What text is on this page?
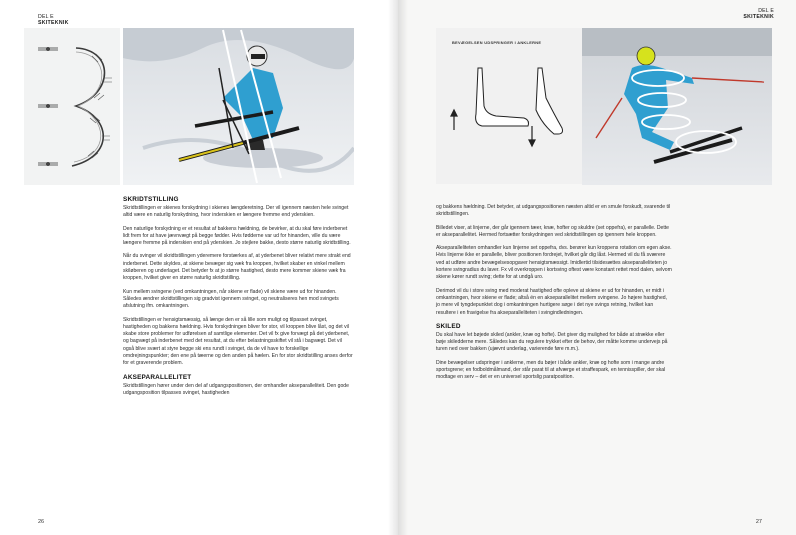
DEL E
SKITEKNIK
SKRIDTSTILLING

Skridtstillingen er skienes forskydning i skienes længderetning. Der vil igennem næsten hele svinget altid være en naturlig forskydning, hvor inderskien er længere fremme end yderskien.

Den naturlige forskydning er et resultat af bakkens hældning, de bevirker, at du skal føre inderbenet lidt frem for at have jævnvægt på begge fødder. Hvis fødderne var ud for hinanden, ville du være længere fremme på inderskien end på yderskien. Jo stejlere bakke, desto større naturlig skridtstilling.

Når du svinger vil skridtstillingen yderemere forstærkes af, at yderbenet bliver relativt mere strakt end inderbenet. Dette skyldes, at skiene bevæger sig væk fra kroppen, hvilket skaber en vinkel mellem skiløberen og underlaget. Det betyder fx at jo større hastighed, desto mere kommer skiene væk fra kroppen, hvilket giver en større naturlig skridtstilling.

Kun mellem svingene (ved omkantningen, når skiene er flade) vil skiene være ud for hinanden. Således ændrer skridtstillingen sig gradvist igennem svinget, og neutraliseres hen mod svingets afslutning ifm. omkantningen.

Skridtstillingen er hensigtsmæssig, så længe den er så lille som muligt og tilpasset svinget, hastigheden og bakkens hældning. Hvis forskydningen bliver for stor, vil kroppen blive låst, og det vil skabe store problemer for udførelsen af samtlige elementer. Det vil fx give forvægt på det yderbenet, og bagvægt på inderbenet med det resultat, at du efter belastningsskiftet vil stå i bagvægt. Det vil også blive svært at styre begge ski ens rundt i svinget, da de vil have to forskellige omdrejningspunkter; den ene på tæerne og den anden på hælen. En for stor skridtstilling anses derfor for et graverende problem.

AKSEPARALLELITET

Skridtstillingen hører under den del af udgangspositionen, der omhandler akseparalleliteit. Den gode udgangsposition tilpasses svinget, hastigheden

26
DEL E
SKITEKNIK
BEVÆGELSEN UDSPRINGER I ANKLERNE

og bakkens hældning. Det betyder, at udgangspositionen næsten altid er en smule forskudt, svarende til skridtstillingen.

Billedet viser, at linjerne, der går igennem tæer, knæ, hofter og skuldre (set oppefra), er parallelle. Dette er akseparallelitet. Hermed fortsætter forskydningen ved skridtstillingen op igennem hele kroppen.

Akseparalleliteten omhandler kun linjerne set oppefra, dvs. berører kun kroppens rotation om egen akse. Hvis linjerne ikke er parallelle, bliver positionen fordrejet, hvilket går dig låst. Hermed vil du få sværere ved at udføre andre bevægelsesopgaver hensigtsmæssigt. Imidlertid tilsidesættes akseparalleliteten jo kortere svingradius du laver. Fx vil overkroppen i kortsving oftest være konstant rettet mod dalen, selvom skiene kører rundt sving; dette for at undgå uro.

Derimod vil du i store sving med moderat hastighed ofte opleve at skiene er ud for hinanden, er midt i omkantningen, hvor skiene er flade; altså én en akseparallelitet mellem svingene. Jo højere hastighed, jo mere vil tyngdepunktet dog i omkantningen hurtigere søge i det nye svings retning, hvilket kan resultere i en fravigelse fra akseparalleliteten i svingindledningen.

SKILED

Du skal have let bøjede skiled (ankler, knæ og hofte). Det giver dig mulighed for både at strække eller bøje skiledderne mere. Således kan du regulere trykket efter de behov, der måtte komme undervejs på turen ned over bakken (ujævnt underlag, varierende føre m.m.).

Dine bevægelser udspringer i anklerne, men du bøjer i både ankler, knæ og hofte som i mange andre sportsgrene; en fodboldmålmand, der står parat til at afværge et straffespark, en tennisspiller, der skal modtage en serv – det er en universel sportslig paratposition.

27
